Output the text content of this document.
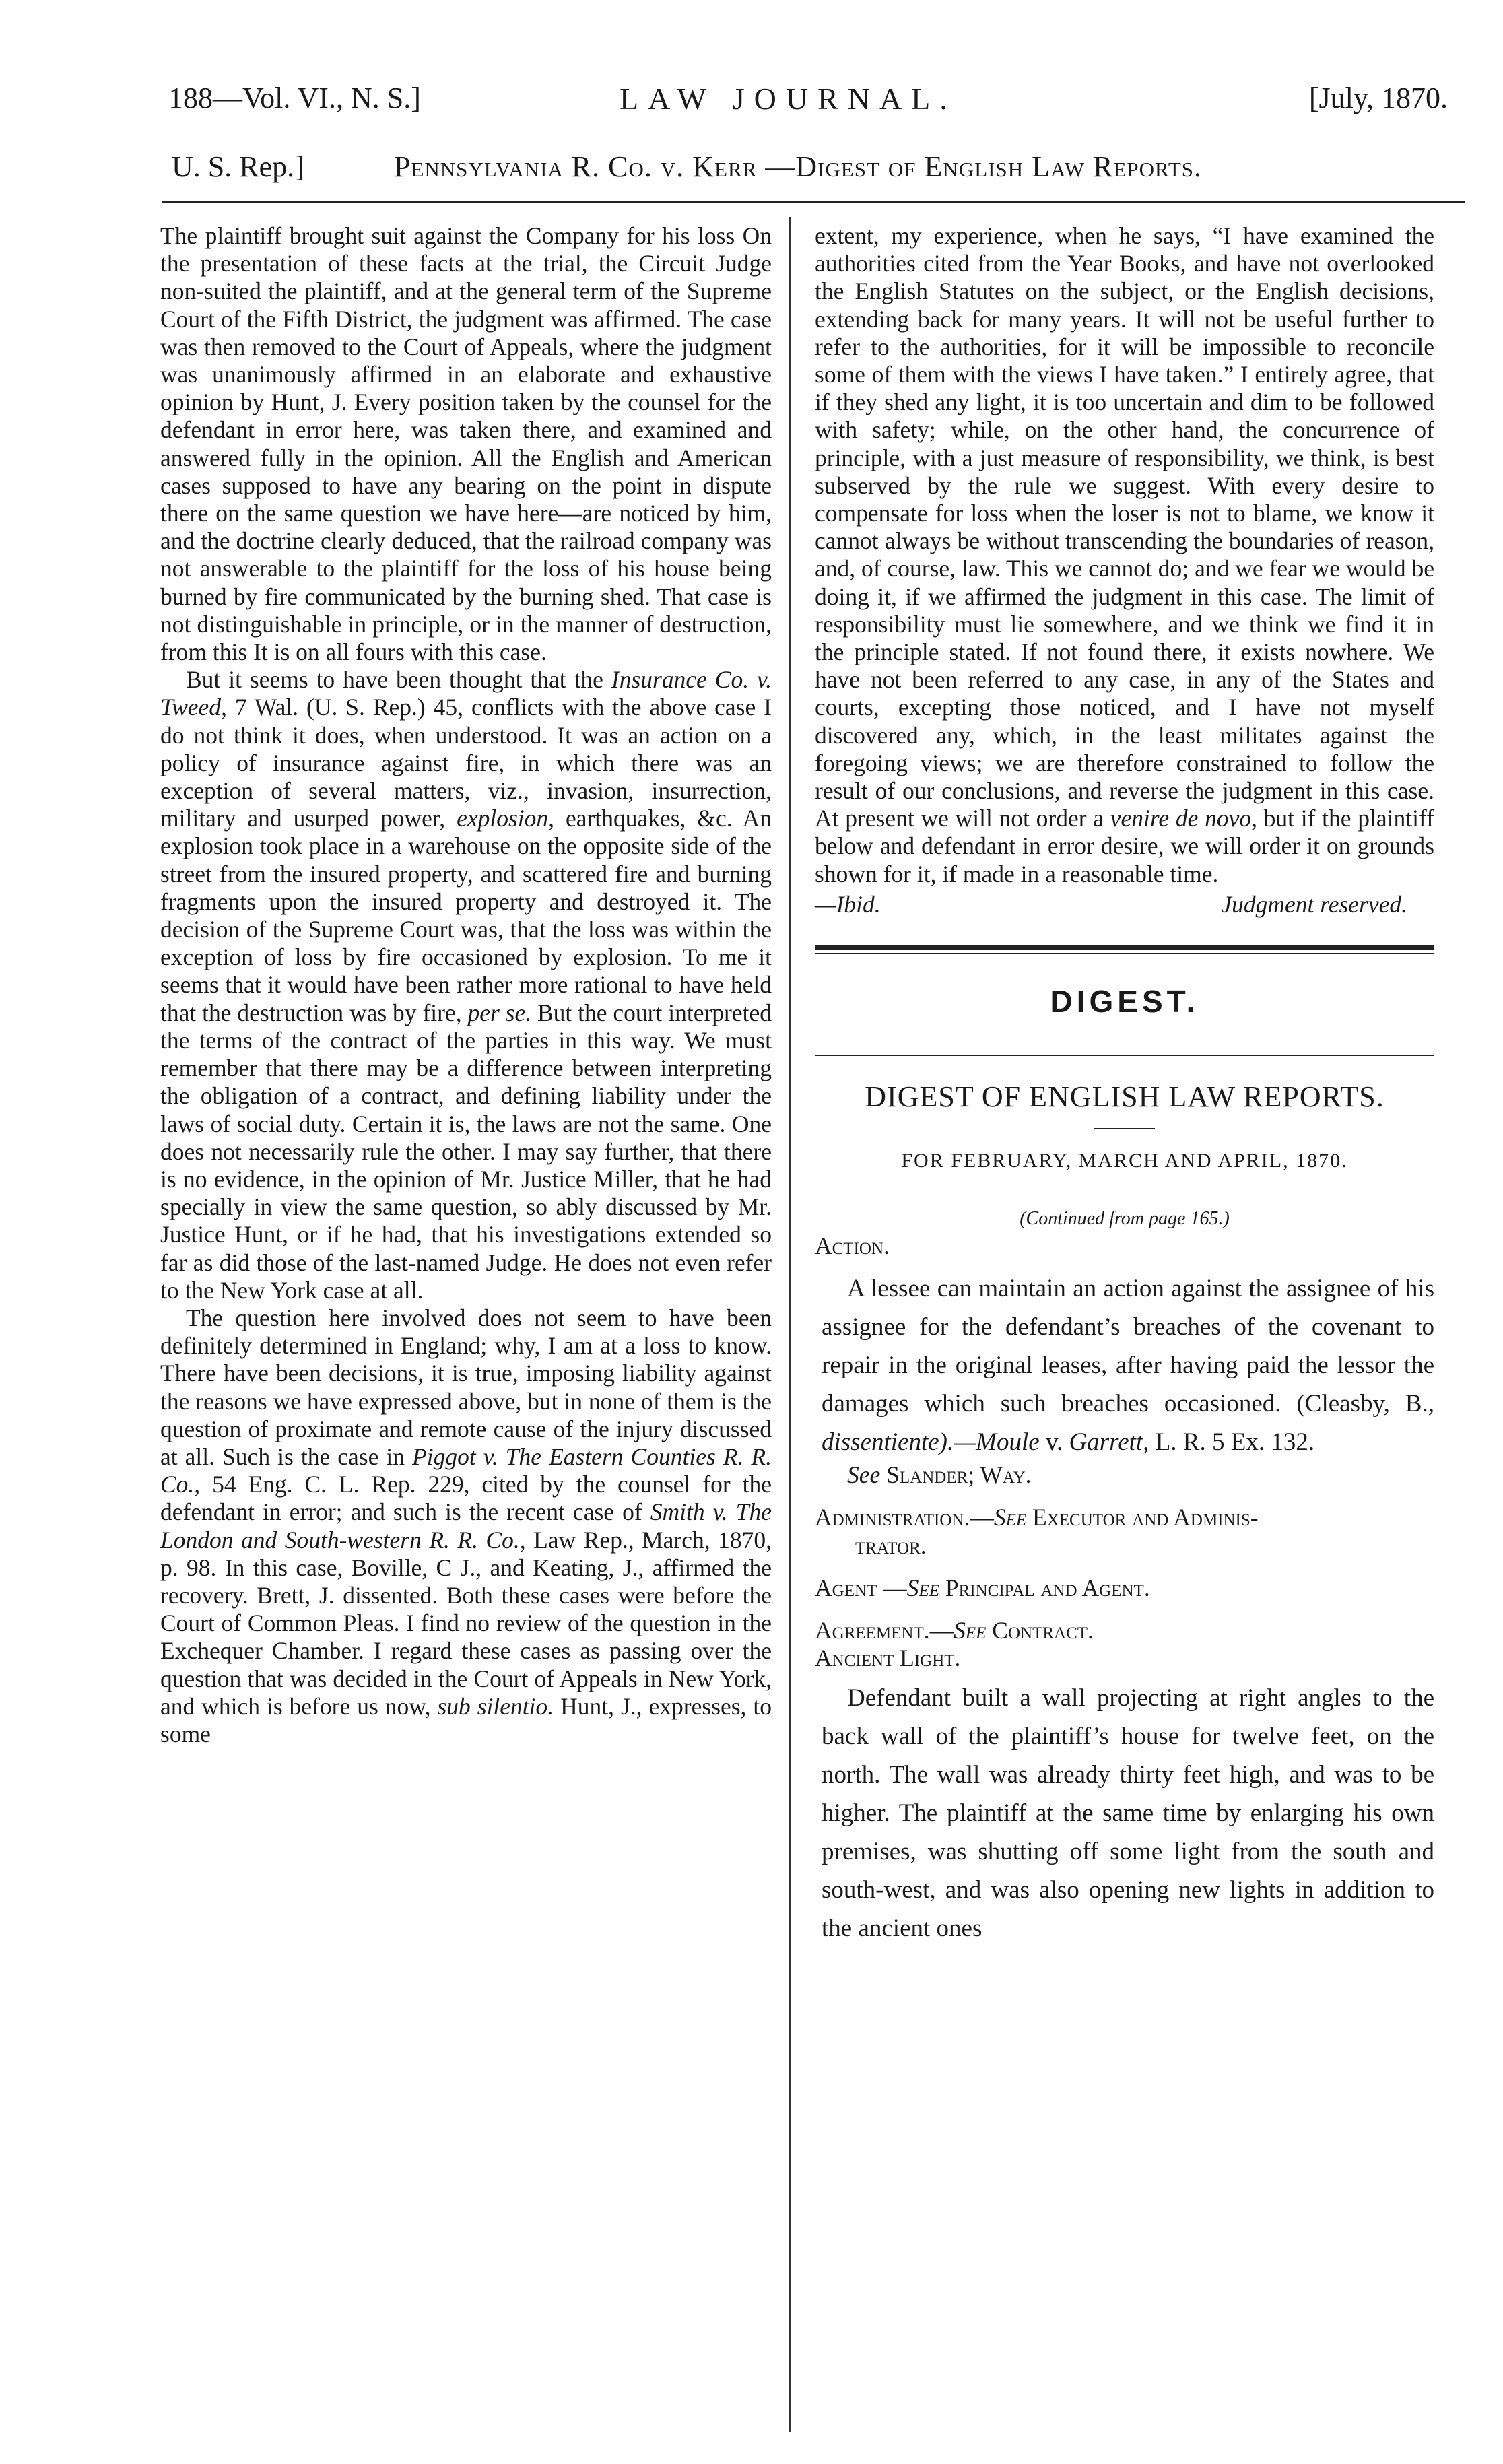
188—Vol. VI., N. S.]	LAW JOURNAL.	[July, 1870.
U. S. Rep.]	Pennsylvania R. Co. v. Kerr —Digest of English Law Reports.

The plaintiff brought suit against the Company for his loss On the presentation of these facts at the trial, the Circuit Judge non-suited the plaintiff, and at the general term of the Supreme Court of the Fifth District, the judgment was affirmed. The case was then removed to the Court of Appeals, where the judgment was unanimously affirmed in an elaborate and exhaustive opinion by Hunt, J. Every position taken by the counsel for the defendant in error here, was taken there, and examined and answered fully in the opinion. All the English and American cases supposed to have any bearing on the point in dispute there on the same question we have here—are noticed by him, and the doctrine clearly deduced, that the railroad company was not answerable to the plaintiff for the loss of his house being burned by fire communicated by the burning shed. That case is not distinguishable in principle, or in the manner of destruction, from this It is on all fours with this case.

But it seems to have been thought that the Insurance Co. v. Tweed, 7 Wal. (U. S. Rep.) 45, conflicts with the above case I do not think it does, when understood. It was an action on a policy of insurance against fire, in which there was an exception of several matters, viz., invasion, insurrection, military and usurped power, explosion, earthquakes, &c. An explosion took place in a warehouse on the opposite side of the street from the insured property, and scattered fire and burning fragments upon the insured property and destroyed it. The decision of the Supreme Court was, that the loss was within the exception of loss by fire occasioned by explosion. To me it seems that it would have been rather more rational to have held that the destruction was by fire, per se. But the court interpreted the terms of the contract of the parties in this way. We must remember that there may be a difference between interpreting the obligation of a contract, and defining liability under the laws of social duty. Certain it is, the laws are not the same. One does not necessarily rule the other. I may say further, that there is no evidence, in the opinion of Mr. Justice Miller, that he had specially in view the same question, so ably discussed by Mr. Justice Hunt, or if he had, that his investigations extended so far as did those of the last-named Judge. He does not even refer to the New York case at all.

The question here involved does not seem to have been definitely determined in England; why, I am at a loss to know. There have been decisions, it is true, imposing liability against the reasons we have expressed above, but in none of them is the question of proximate and remote cause of the injury discussed at all. Such is the case in Piggot v. The Eastern Counties R. R. Co., 54 Eng. C. L. Rep. 229, cited by the counsel for the defendant in error; and such is the recent case of Smith v. The London and South-western R. R. Co., Law Rep., March, 1870, p. 98. In this case, Boville, C J., and Keating, J., affirmed the recovery. Brett, J. dissented. Both these cases were before the Court of Common Pleas. I find no review of the question in the Exchequer Chamber. I regard these cases as passing over the question that was decided in the Court of Appeals in New York, and which is before us now, sub silentio. Hunt, J., expresses, to some

extent, my experience, when he says, “I have examined the authorities cited from the Year Books, and have not overlooked the English Statutes on the subject, or the English decisions, extending back for many years. It will not be useful further to refer to the authorities, for it will be impossible to reconcile some of them with the views I have taken.” I entirely agree, that if they shed any light, it is too uncertain and dim to be followed with safety; while, on the other hand, the concurrence of principle, with a just measure of responsibility, we think, is best subserved by the rule we suggest. With every desire to compensate for loss when the loser is not to blame, we know it cannot always be without transcending the boundaries of reason, and, of course, law. This we cannot do; and we fear we would be doing it, if we affirmed the judgment in this case. The limit of responsibility must lie somewhere, and we think we find it in the principle stated. If not found there, it exists nowhere. We have not been referred to any case, in any of the States and courts, excepting those noticed, and I have not myself discovered any, which, in the least militates against the foregoing views; we are therefore constrained to follow the result of our conclusions, and reverse the judgment in this case. At present we will not order a venire de novo, but if the plaintiff below and defendant in error desire, we will order it on grounds shown for it, if made in a reasonable time.

—Ibid.	Judgment reserved.
DIGEST.
DIGEST OF ENGLISH LAW REPORTS.
FOR FEBRUARY, MARCH AND APRIL, 1870.
(Continued from page 165.)

Action.

A lessee can maintain an action against the assignee of his assignee for the defendant’s breaches of the covenant to repair in the original leases, after having paid the lessor the damages which such breaches occasioned. (Cleasby, B., dissentiente).—Moule v. Garrett, L. R. 5 Ex. 132.

See Slander; Way.

Administration.—See Executor and Adminis-
trator.

Agent —See Principal and Agent.

Agreement.—See Contract.

Ancient Light.

Defendant built a wall projecting at right angles to the back wall of the plaintiff’s house for twelve feet, on the north. The wall was already thirty feet high, and was to be higher. The plaintiff at the same time by enlarging his own premises, was shutting off some light from the south and south-west, and was also opening new lights in addition to the ancient ones
